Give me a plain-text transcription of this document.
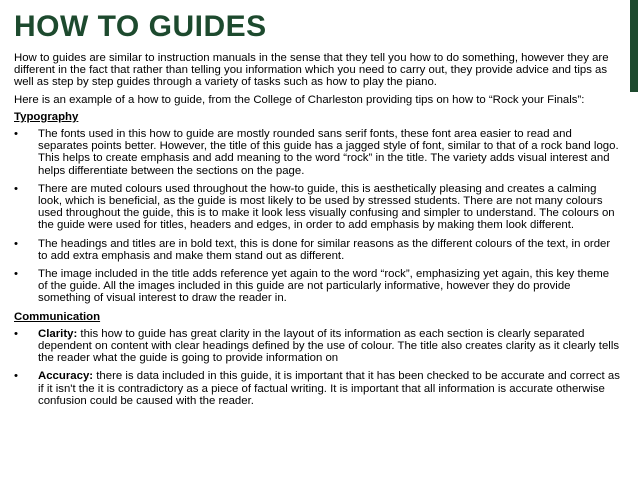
HOW TO GUIDES

How to guides are similar to instruction manuals in the sense that they tell you how to do something, however they are different in the fact that rather than telling you information which you need to carry out, they provide advice and tips as well as step by step guides through a variety of tasks such as how to play the piano.

Here is an example of a how to guide, from the College of Charleston providing tips on how to “Rock your Finals”:

Typography

• The fonts used in this how to guide are mostly rounded sans serif fonts, these font area easier to read and separates points better. However, the title of this guide has a jagged style of font, similar to that of a rock band logo. This helps to create emphasis and add meaning to the word “rock” in the title. The variety adds visual interest and helps differentiate between the sections on the page.
• There are muted colours used throughout the how-to guide, this is aesthetically pleasing and creates a calming look, which is beneficial, as the guide is most likely to be used by stressed students. There are not many colours used throughout the guide, this is to make it look less visually confusing and simpler to understand. The colours on the guide were used for titles, headers and edges, in order to add emphasis by making them look different.
• The headings and titles are in bold text, this is done for similar reasons as the different colours of the text, in order to add extra emphasis and make them stand out as different.
• The image included in the title adds reference yet again to the word “rock”, emphasizing yet again, this key theme of the guide. All the images included in this guide are not particularly informative, however they do provide something of visual interest to draw the reader in.

Communication

• Clarity: this how to guide has great clarity in the layout of its information as each section is clearly separated dependent on content with clear headings defined by the use of colour. The title also creates clarity as it clearly tells the reader what the guide is going to provide information on
• Accuracy: there is data included in this guide, it is important that it has been checked to be accurate and correct as if it isn't the it is contradictory as a piece of factual writing. It is important that all information is accurate otherwise confusion could be caused with the reader.
